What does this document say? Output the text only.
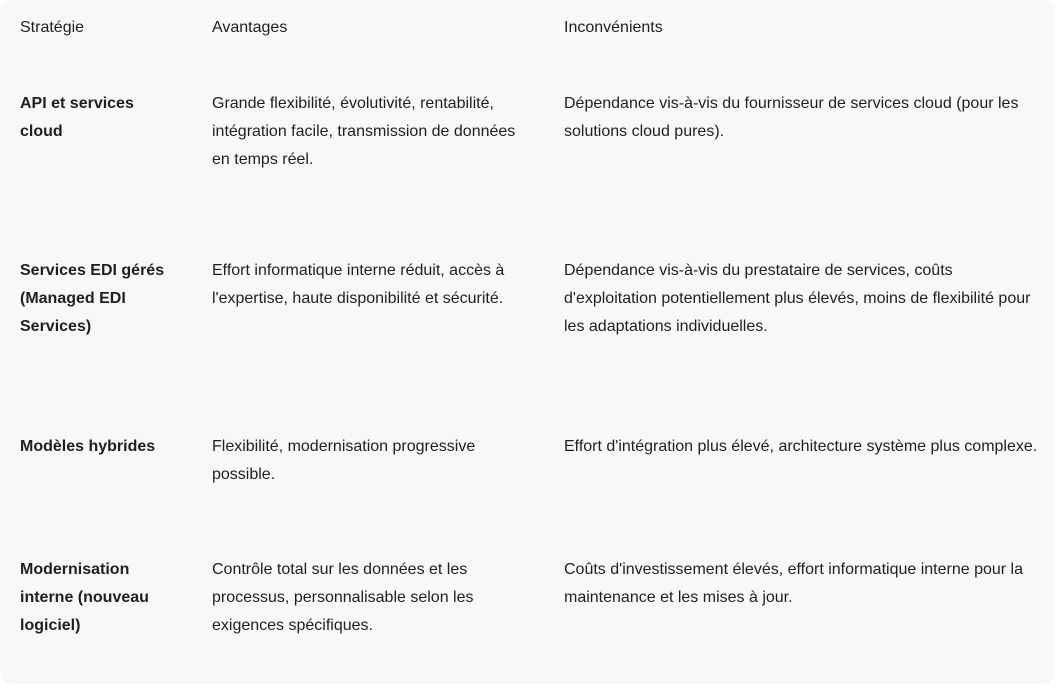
Stratégie	Avantages	Inconvénients
API et services cloud	Grande flexibilité, évolutivité, rentabilité, intégration facile, transmission de données en temps réel.	Dépendance vis-à-vis du fournisseur de services cloud (pour les solutions cloud pures).
Services EDI gérés (Managed EDI Services)	Effort informatique interne réduit, accès à l'expertise, haute disponibilité et sécurité.	Dépendance vis-à-vis du prestataire de services, coûts d'exploitation potentiellement plus élevés, moins de flexibilité pour les adaptations individuelles.
Modèles hybrides	Flexibilité, modernisation progressive possible.	Effort d'intégration plus élevé, architecture système plus complexe.
Modernisation interne (nouveau logiciel)	Contrôle total sur les données et les processus, personnalisable selon les exigences spécifiques.	Coûts d'investissement élevés, effort informatique interne pour la maintenance et les mises à jour.
